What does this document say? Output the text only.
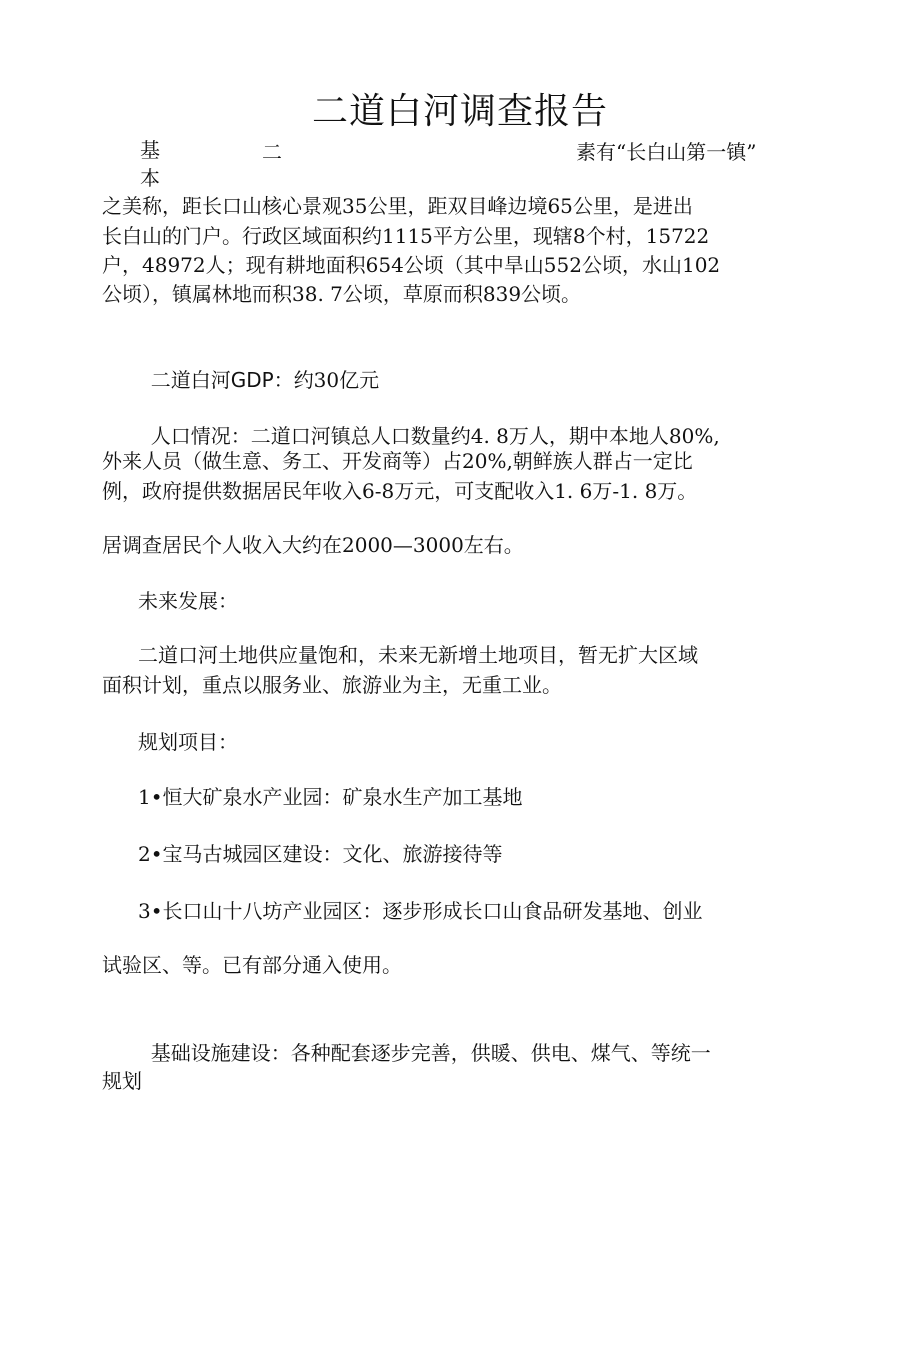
二道白河调查报告
基本
二	素有“长白山第一镇”
之美称，距长口山核心景观35公里，距双目峰边境65公里，是进出
长白山的门户。行政区域面积约1115平方公里，现辖8个村，15722
户，48972人；现有耕地面积654公顷（其中旱山552公顷，水山102
公顷），镇属林地而积38. 7公顷，草原而积839公顷。

二道白河GDP：约30亿元

人口情况：二道口河镇总人口数量约4. 8万人，期中本地人80%,

外来人员（做生意、务工、开发商等）占20%,朝鲜族人群占一定比
例，政府提供数据居民年收入6-8万元，可支配收入1. 6万-1. 8万。
居调查居民个人收入大约在2000—3000左右。
未来发展：
二道口河土地供应量饱和，未来无新增土地项目，暂无扩大区域
面积计划，重点以服务业、旅游业为主，无重工业。
规划项目：
1•恒大矿泉水产业园：矿泉水生产加工基地
2•宝马古城园区建设：文化、旅游接待等
3•长口山十八坊产业园区：逐步形成长口山食品研发基地、创业
试验区、等。已有部分通入使用。

基础设施建设：各种配套逐步完善，供暖、供电、煤气、等统一

规划
